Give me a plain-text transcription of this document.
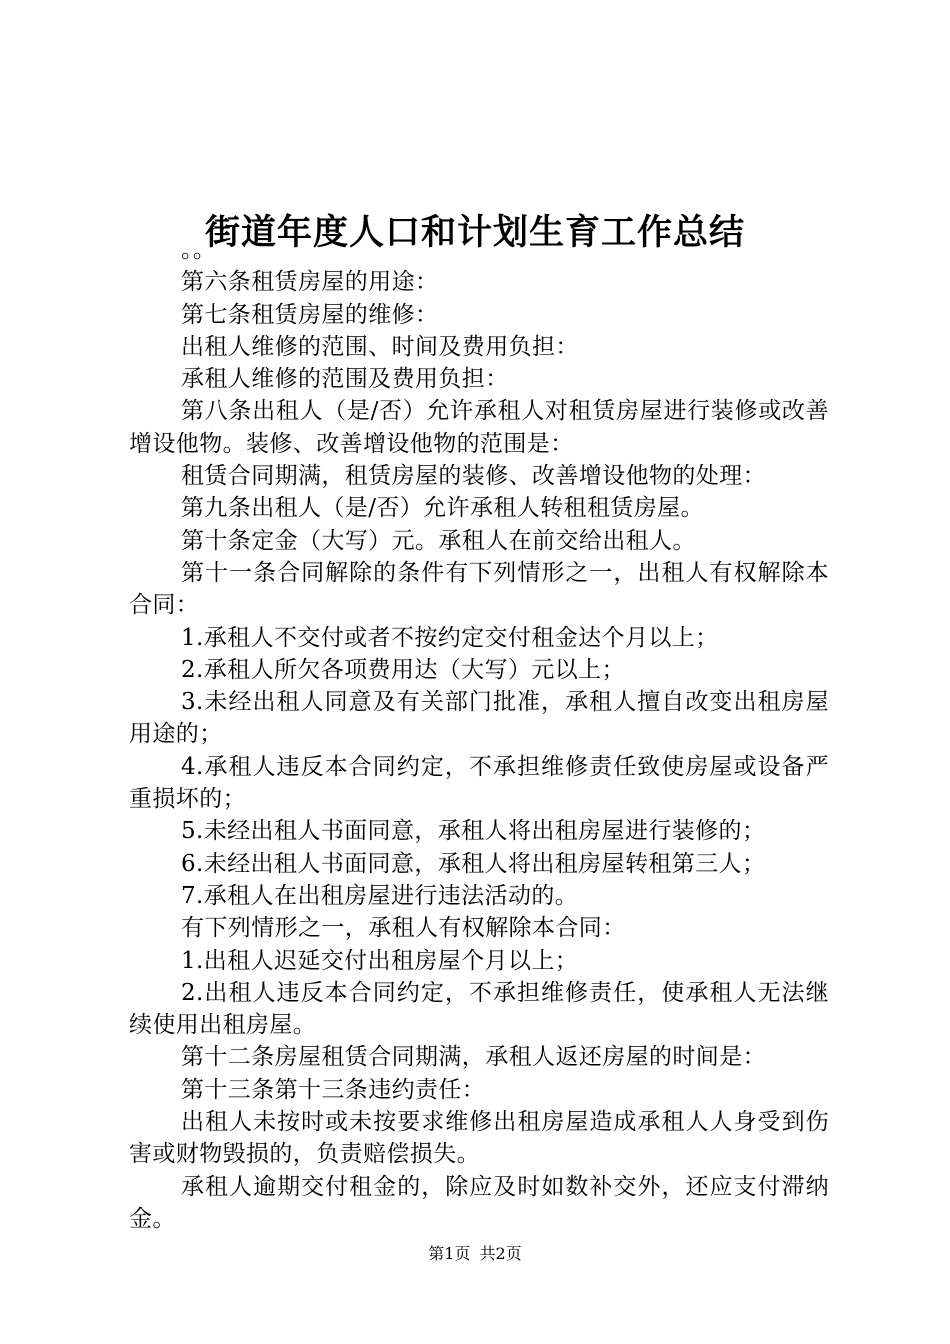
街道年度人口和计划生育工作总结

。。

第六条租赁房屋的用途：

第七条租赁房屋的维修：

出租人维修的范围、时间及费用负担：

承租人维修的范围及费用负担：

第八条出租人（是/否）允许承租人对租赁房屋进行装修或改善增设他物。装修、改善增设他物的范围是：

租赁合同期满，租赁房屋的装修、改善增设他物的处理：

第九条出租人（是/否）允许承租人转租租赁房屋。

第十条定金（大写）元。承租人在前交给出租人。

第十一条合同解除的条件有下列情形之一，出租人有权解除本合同：

1.承租人不交付或者不按约定交付租金达个月以上；

2.承租人所欠各项费用达（大写）元以上；

3.未经出租人同意及有关部门批准，承租人擅自改变出租房屋用途的；

4.承租人违反本合同约定，不承担维修责任致使房屋或设备严重损坏的；

5.未经出租人书面同意，承租人将出租房屋进行装修的；

6.未经出租人书面同意，承租人将出租房屋转租第三人；

7.承租人在出租房屋进行违法活动的。

有下列情形之一，承租人有权解除本合同：

1.出租人迟延交付出租房屋个月以上；

2.出租人违反本合同约定，不承担维修责任，使承租人无法继续使用出租房屋。

第十二条房屋租赁合同期满，承租人返还房屋的时间是：

第十三条第十三条违约责任：

出租人未按时或未按要求维修出租房屋造成承租人人身受到伤害或财物毁损的，负责赔偿损失。

承租人逾期交付租金的，除应及时如数补交外，还应支付滞纳金。

第1页 共2页
